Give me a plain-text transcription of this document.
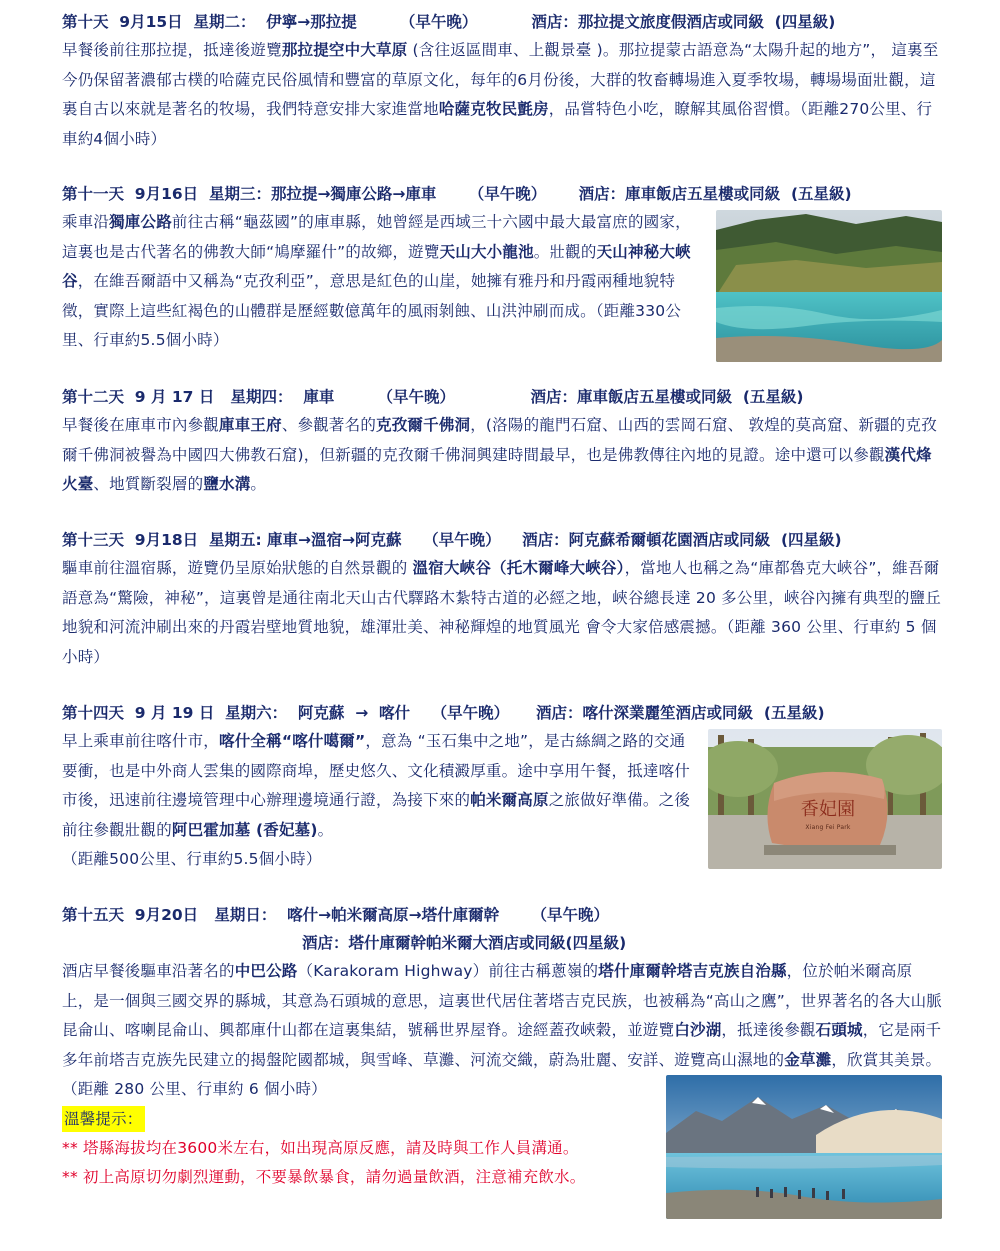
第十天  9月15日  星期二：  伊寧→那拉提        （早午晚）          酒店：那拉提文旅度假酒店或同級  (四星級)
早餐後前往那拉提，抵達後遊覽那拉提空中大草原 (含往返區間車、上觀景臺 )。那拉提蒙古語意為“太陽升起的地方”， 這裏至今仍保留著濃郁古樸的哈薩克民俗風情和豐富的草原文化，每年的6月份後，大群的牧畜轉場進入夏季牧場，轉場場面壯觀，這裏自古以來就是著名的牧場，我們特意安排大家進當地哈薩克牧民氈房，品嘗特色小吃，瞭解其風俗習慣。（距離270公里、行車約4個小時）
第十一天  9月16日  星期三：那拉提→獨庫公路→庫車      （早午晚）      酒店：庫車飯店五星樓或同級  (五星級)
乘車沿獨庫公路前往古稱“龜茲國”的庫車縣，她曾經是西域三十六國中最大最富庶的國家，這裏也是古代著名的佛教大師“鳩摩羅什”的故鄉，遊覽天山大小龍池。壯觀的天山神秘大峽谷，在維吾爾語中又稱為“克孜利亞”，意思是紅色的山崖，她擁有雅丹和丹霞兩種地貌特徵，實際上這些紅褐色的山體群是歷經數億萬年的風雨剝蝕、山洪沖刷而成。（距離330公里、行車約5.5個小時）
第十二天  9 月 17 日   星期四：  庫車        （早午晚）              酒店：庫車飯店五星樓或同級  (五星級)
早餐後在庫車市內參觀庫車王府、參觀著名的克孜爾千佛洞，(洛陽的龍門石窟、山西的雲岡石窟、 敦煌的莫高窟、新疆的克孜爾千佛洞被譽為中國四大佛教石窟)，但新疆的克孜爾千佛洞興建時間最早，也是佛教傳往內地的見證。途中還可以參觀漢代烽火臺、地質斷裂層的鹽水溝。
第十三天  9月18日  星期五: 庫車→溫宿→阿克蘇    （早午晚）    酒店：阿克蘇希爾頓花園酒店或同級  (四星級)
驅車前往溫宿縣，遊覽仍呈原始狀態的自然景觀的 溫宿大峽谷（托木爾峰大峽谷），當地人也稱之為“庫都魯克大峽谷”，維吾爾語意為“驚險，神秘”，這裏曾是通往南北天山古代驛路木紮特古道的必經之地，峽谷總長達 20 多公里，峽谷內擁有典型的鹽丘地貌和河流沖刷出來的丹霞岩壁地質地貌，雄渾壯美、神秘輝煌的地質風光 會令大家倍感震撼。（距離 360 公里、行車約 5 個小時）
第十四天  9 月 19 日  星期六：  阿克蘇  →  喀什    （早午晚）     酒店：喀什深業麗笙酒店或同級  (五星級)
香妃園
Xiang Fei Park
早上乘車前往喀什市，喀什全稱“喀什噶爾”，意為 “玉石集中之地”，是古絲綢之路的交通要衝，也是中外商人雲集的國際商埠，歷史悠久、文化積澱厚重。途中享用午餐，抵達喀什市後，迅速前往邊境管理中心辦理邊境通行證，為接下來的帕米爾高原之旅做好準備。之後前往參觀壯觀的阿巴霍加墓 (香妃墓)。
（距離500公里、行車約5.5個小時）
第十五天  9月20日   星期日：  喀什→帕米爾高原→塔什庫爾幹      （早午晚）
酒店：塔什庫爾幹帕米爾大酒店或同級(四星級)
酒店早餐後驅車沿著名的中巴公路（Karakoram Highway）前往古稱蔥嶺的塔什庫爾幹塔吉克族自治縣，位於帕米爾高原上，是一個與三國交界的縣城，其意為石頭城的意思，這裏世代居住著塔吉克民族，也被稱為“高山之鷹”，世界著名的各大山脈昆侖山、喀喇昆侖山、興都庫什山都在這裏集結，號稱世界屋脊。途經蓋孜峽穀，並遊覽白沙湖，抵達後參觀石頭城，它是兩千多年前塔吉克族先民建立的揭盤陀國都城，與雪峰、草灘、河流交織，蔚為壯麗、安詳、遊覽高山濕地的金草灘，欣賞其美景。
（距離 280 公里、行車約 6 個小時）
溫馨提示：
** 塔縣海拔均在3600米左右，如出現高原反應，請及時與工作人員溝通。
** 初上高原切勿劇烈運動，不要暴飲暴食，請勿過量飲酒，注意補充飲水。
